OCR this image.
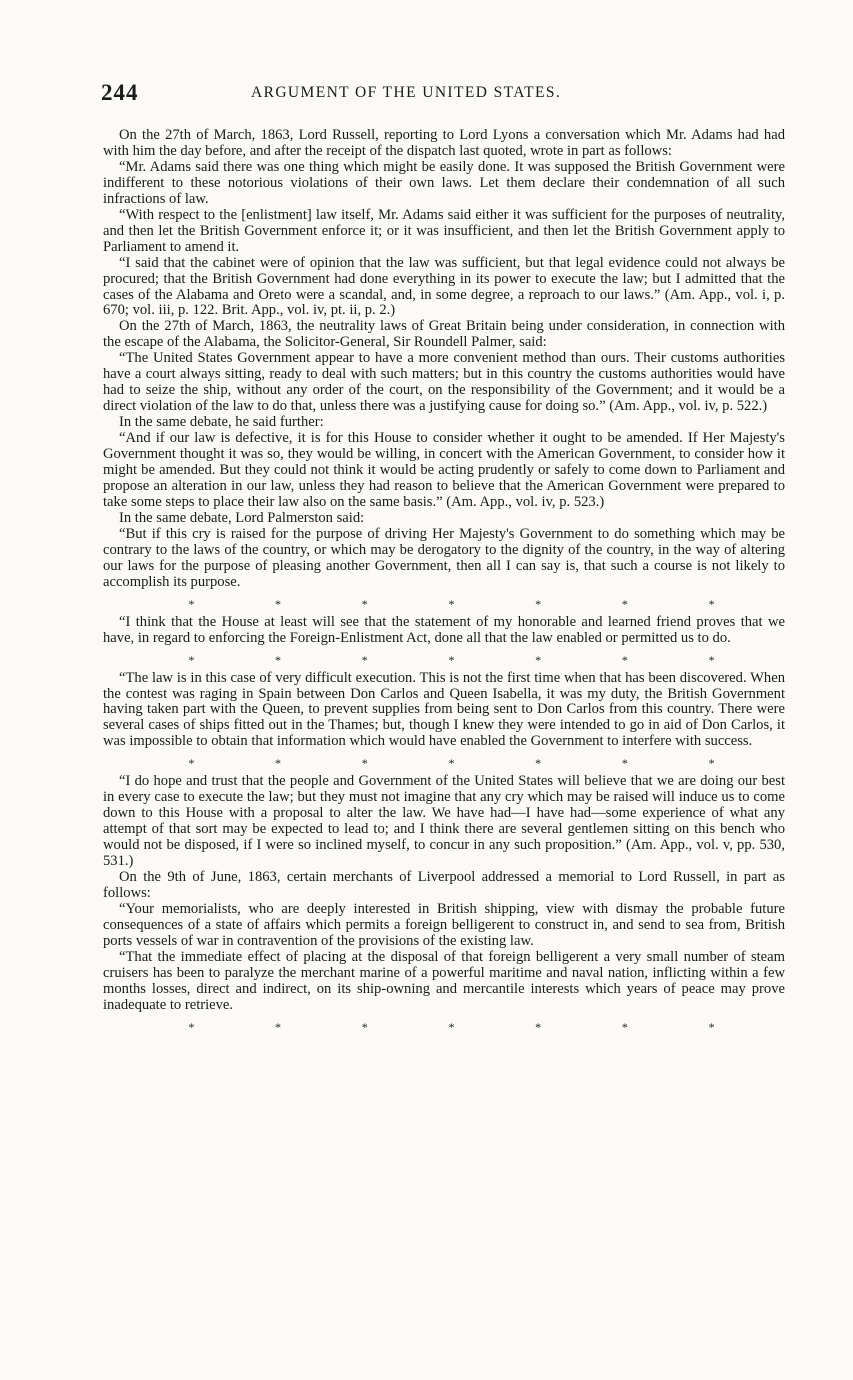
244	ARGUMENT OF THE UNITED STATES.

On the 27th of March, 1863, Lord Russell, reporting to Lord Lyons a conversation which Mr. Adams had had with him the day before, and after the receipt of the dispatch last quoted, wrote in part as follows:

“Mr. Adams said there was one thing which might be easily done. It was supposed the British Government were indifferent to these notorious violations of their own laws. Let them declare their condemnation of all such infractions of law.

“With respect to the [enlistment] law itself, Mr. Adams said either it was sufficient for the purposes of neutrality, and then let the British Government enforce it; or it was insufficient, and then let the British Government apply to Parliament to amend it.

“I said that the cabinet were of opinion that the law was sufficient, but that legal evidence could not always be procured; that the British Government had done everything in its power to execute the law; but I admitted that the cases of the Alabama and Oreto were a scandal, and, in some degree, a reproach to our laws.” (Am. App., vol. i, p. 670; vol. iii, p. 122. Brit. App., vol. iv, pt. ii, p. 2.)

On the 27th of March, 1863, the neutrality laws of Great Britain being under consideration, in connection with the escape of the Alabama, the Solicitor-General, Sir Roundell Palmer, said:

“The United States Government appear to have a more convenient method than ours. Their customs authorities have a court always sitting, ready to deal with such matters; but in this country the customs authorities would have had to seize the ship, without any order of the court, on the responsibility of the Government; and it would be a direct violation of the law to do that, unless there was a justifying cause for doing so.” (Am. App., vol. iv, p. 522.)

In the same debate, he said further:

“And if our law is defective, it is for this House to consider whether it ought to be amended. If Her Majesty's Government thought it was so, they would be willing, in concert with the American Government, to consider how it might be amended. But they could not think it would be acting prudently or safely to come down to Parliament and propose an alteration in our law, unless they had reason to believe that the American Government were prepared to take some steps to place their law also on the same basis.” (Am. App., vol. iv, p. 523.)

In the same debate, Lord Palmerston said:

“But if this cry is raised for the purpose of driving Her Majesty's Government to do something which may be contrary to the laws of the country, or which may be derogatory to the dignity of the country, in the way of altering our laws for the purpose of pleasing another Government, then all I can say is, that such a course is not likely to accomplish its purpose.

*	*	*	*	*	*	*

“I think that the House at least will see that the statement of my honorable and learned friend proves that we have, in regard to enforcing the Foreign-Enlistment Act, done all that the law enabled or permitted us to do.

*	*	*	*	*	*	*

“The law is in this case of very difficult execution. This is not the first time when that has been discovered. When the contest was raging in Spain between Don Carlos and Queen Isabella, it was my duty, the British Government having taken part with the Queen, to prevent supplies from being sent to Don Carlos from this country. There were several cases of ships fitted out in the Thames; but, though I knew they were intended to go in aid of Don Carlos, it was impossible to obtain that information which would have enabled the Government to interfere with success.

*	*	*	*	*	*	*

“I do hope and trust that the people and Government of the United States will believe that we are doing our best in every case to execute the law; but they must not imagine that any cry which may be raised will induce us to come down to this House with a proposal to alter the law. We have had—I have had—some experience of what any attempt of that sort may be expected to lead to; and I think there are several gentlemen sitting on this bench who would not be disposed, if I were so inclined myself, to concur in any such proposition.” (Am. App., vol. v, pp. 530, 531.)

On the 9th of June, 1863, certain merchants of Liverpool addressed a memorial to Lord Russell, in part as follows:

“Your memorialists, who are deeply interested in British shipping, view with dismay the probable future consequences of a state of affairs which permits a foreign belligerent to construct in, and send to sea from, British ports vessels of war in contravention of the provisions of the existing law.

“That the immediate effect of placing at the disposal of that foreign belligerent a very small number of steam cruisers has been to paralyze the merchant marine of a powerful maritime and naval nation, inflicting within a few months losses, direct and indirect, on its ship-owning and mercantile interests which years of peace may prove inadequate to retrieve.

*	*	*	*	*	*	*
